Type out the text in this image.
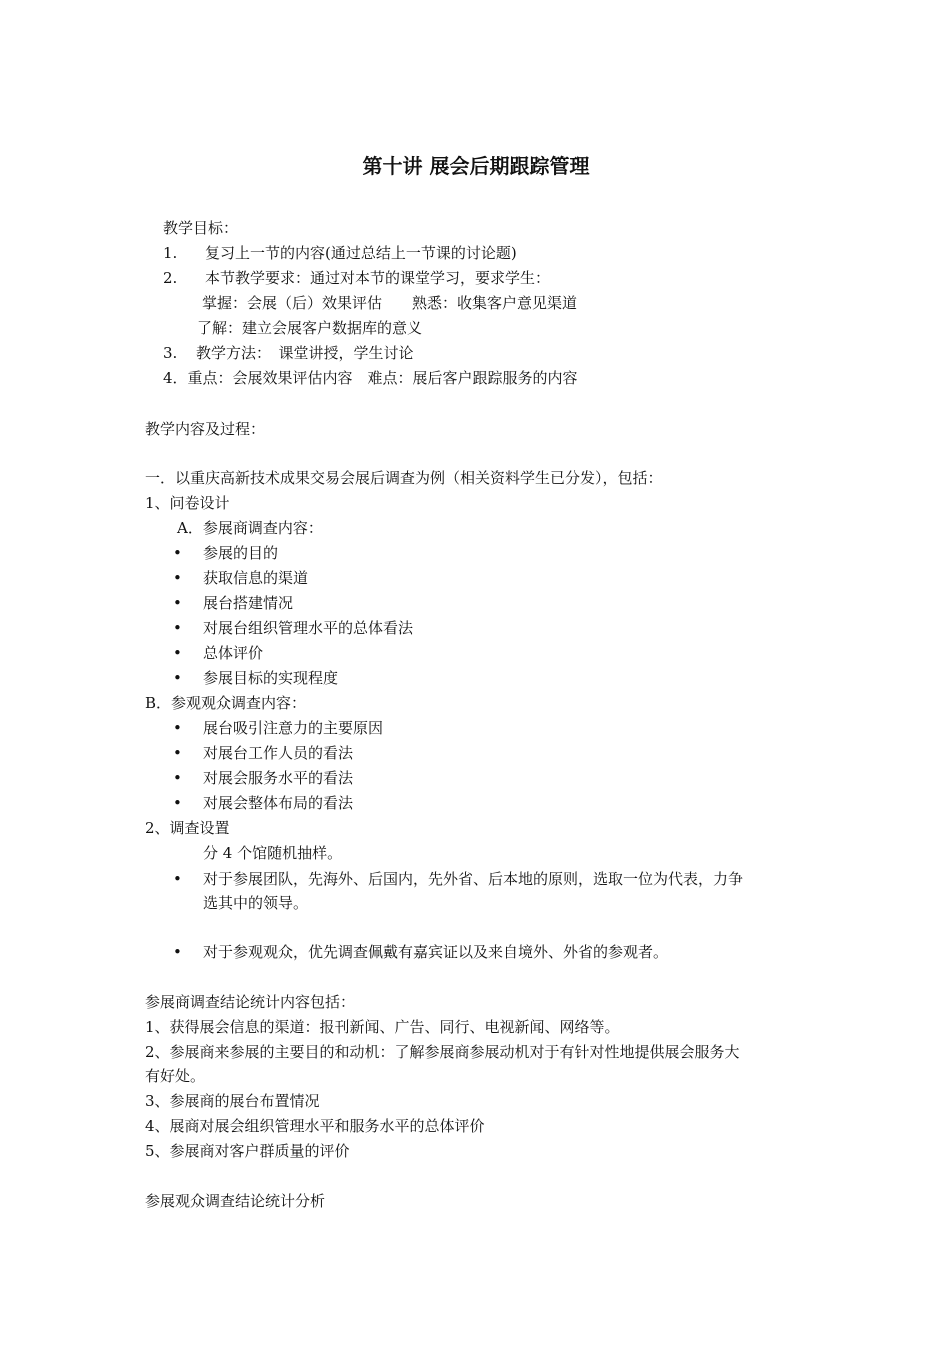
第十讲 展会后期跟踪管理
教学目标：
1. 复习上一节的内容(通过总结上一节课的讨论题)
2. 本节教学要求：通过对本节的课堂学习，要求学生：
掌握：会展（后）效果评估　　熟悉：收集客户意见渠道
了解：建立会展客户数据库的意义
3. 教学方法：　课堂讲授，学生讨论
4．重点：会展效果评估内容　难点：展后客户跟踪服务的内容
教学内容及过程：
一．以重庆高新技术成果交易会展后调查为例（相关资料学生已分发），包括：
1、问卷设计
A．参展商调查内容：
• 参展的目的
• 获取信息的渠道
• 展台搭建情况
• 对展台组织管理水平的总体看法
• 总体评价
• 参展目标的实现程度
B．参观观众调查内容：
• 展台吸引注意力的主要原因
• 对展台工作人员的看法
• 对展会服务水平的看法
• 对展会整体布局的看法
2、调查设置
分 4 个馆随机抽样。
• 对于参展团队，先海外、后国内，先外省、后本地的原则，选取一位为代表，力争
选其中的领导。
• 对于参观观众，优先调查佩戴有嘉宾证以及来自境外、外省的参观者。
参展商调查结论统计内容包括：
1、获得展会信息的渠道：报刊新闻、广告、同行、电视新闻、网络等。
2、参展商来参展的主要目的和动机：了解参展商参展动机对于有针对性地提供展会服务大
有好处。
3、参展商的展台布置情况
4、展商对展会组织管理水平和服务水平的总体评价
5、参展商对客户群质量的评价
参展观众调查结论统计分析
